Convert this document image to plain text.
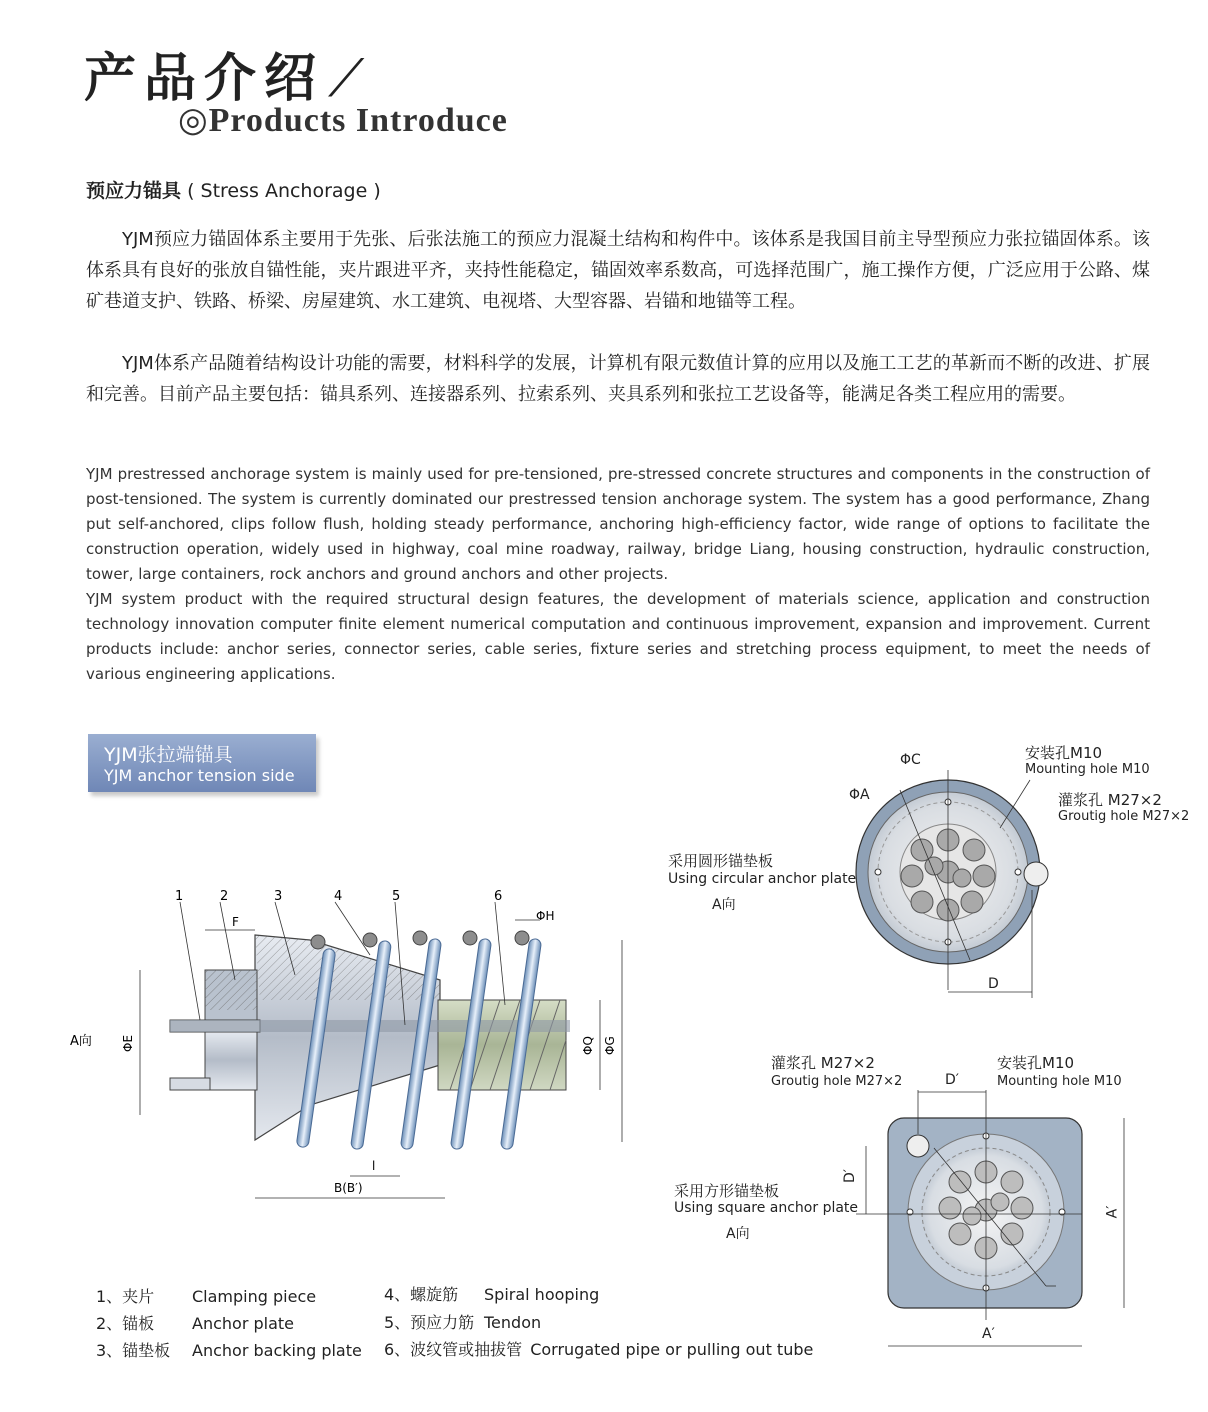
产品介绍⟋
◎Products Introduce
预应力锚具 ( Stress Anchorage )
YJM预应力锚固体系主要用于先张、后张法施工的预应力混凝土结构和构件中。该体系是我国目前主导型预应力张拉锚固体系。该体系具有良好的张放自锚性能，夹片跟进平齐，夹持性能稳定，锚固效率系数高，可选择范围广，施工操作方便，广泛应用于公路、煤矿巷道支护、铁路、桥梁、房屋建筑、水工建筑、电视塔、大型容器、岩锚和地锚等工程。
YJM体系产品随着结构设计功能的需要，材料科学的发展，计算机有限元数值计算的应用以及施工工艺的革新而不断的改进、扩展和完善。目前产品主要包括：锚具系列、连接器系列、拉索系列、夹具系列和张拉工艺设备等，能满足各类工程应用的需要。
YJM prestressed anchorage system is mainly used for pre-tensioned, pre-stressed concrete structures and components in the construction of post-tensioned. The system is currently dominated our prestressed tension anchorage system. The system has a good performance, Zhang put self-anchored, clips follow flush, holding steady performance, anchoring high-efficiency factor, wide range of options to facilitate the construction operation, widely used in highway, coal mine roadway, railway, bridge Liang, housing construction, hydraulic construction, tower, large containers, rock anchors and ground anchors and other projects.
YJM system product with the required structural design features, the development of materials science, application and construction technology innovation computer finite element numerical computation and continuous improvement, expansion and improvement. Current products include: anchor series, connector series, cable series, fixture series and stretching process equipment, to meet the needs of various engineering applications.
YJM张拉端锚具
YJM anchor tension side
1	2	3	4	5	6
F	ΦH
A向 ΦE	ΦQ ΦG
l
B(B′)
ΦC
ΦA
安装孔M10
Mounting hole M10
灌浆孔 M27×2
Groutig hole M27×2
采用圆形锚垫板
Using circular anchor plate
A向
D
灌浆孔 M27×2
Groutig hole M27×2
安装孔M10
Mounting hole M10
D′
D′
A′
A′
采用方形锚垫板
Using square anchor plate
A向
1、夹片 Clamping piece
2、锚板 Anchor plate
3、锚垫板 Anchor backing plate
4、螺旋筋 Spiral hooping
5、预应力筋 Tendon
6、波纹管或抽拔管 Corrugated pipe or pulling out tube
